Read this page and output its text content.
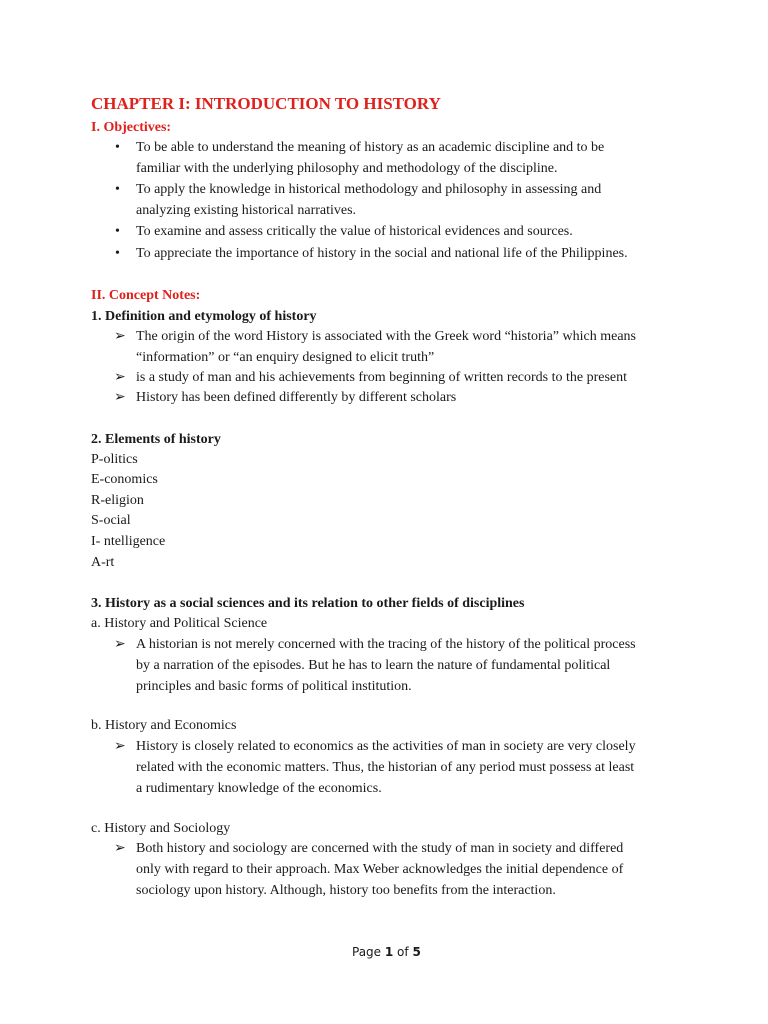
CHAPTER I: INTRODUCTION TO HISTORY
I. Objectives:
• To be able to understand the meaning of history as an academic discipline and to be
familiar with the underlying philosophy and methodology of the discipline.
• To apply the knowledge in historical methodology and philosophy in assessing and
analyzing existing historical narratives.
• To examine and assess critically the value of historical evidences and sources.
• To appreciate the importance of history in the social and national life of the Philippines.
II. Concept Notes:
1. Definition and etymology of history
➢ The origin of the word History is associated with the Greek word “historia” which means
“information” or “an enquiry designed to elicit truth”
➢ is a study of man and his achievements from beginning of written records to the present
➢ History has been defined differently by different scholars
2. Elements of history
P-olitics
E-conomics
R-eligion
S-ocial
I- ntelligence
A-rt
3. History as a social sciences and its relation to other fields of disciplines
a. History and Political Science
➢ A historian is not merely concerned with the tracing of the history of the political process
by a narration of the episodes. But he has to learn the nature of fundamental political
principles and basic forms of political institution.
b. History and Economics
➢ History is closely related to economics as the activities of man in society are very closely
related with the economic matters. Thus, the historian of any period must possess at least
a rudimentary knowledge of the economics.
c. History and Sociology
➢ Both history and sociology are concerned with the study of man in society and differed
only with regard to their approach. Max Weber acknowledges the initial dependence of
sociology upon history. Although, history too benefits from the interaction.
Page 1 of 5
